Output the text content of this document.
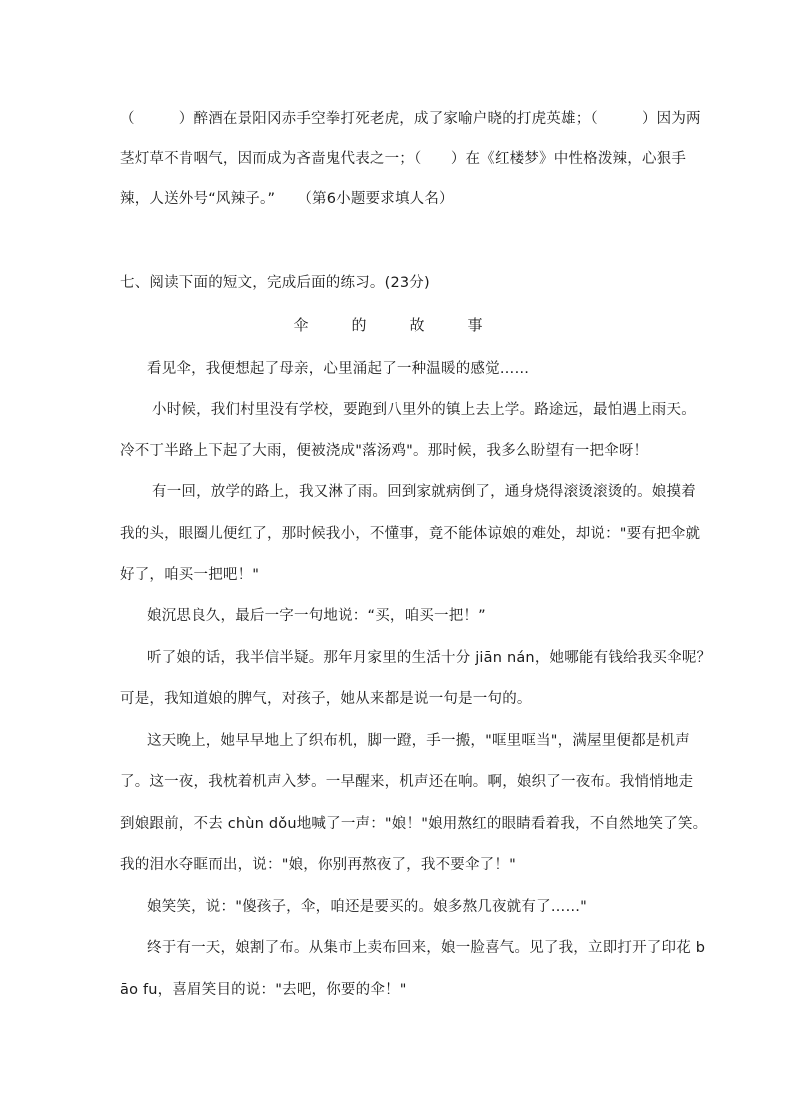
（　　　）醉酒在景阳冈赤手空拳打死老虎，成了家喻户晓的打虎英雄；（　　　）因为两
茎灯草不肯咽气，因而成为吝啬鬼代表之一；（　　）在《红楼梦》中性格泼辣，心狠手
辣，人送外号“风辣子。”　　（第6小题要求填人名）
七、阅读下面的短文，完成后面的练习。(23分)
伞　的　故　事
看见伞，我便想起了母亲，心里涌起了一种温暖的感觉……
小时候，我们村里没有学校，要跑到八里外的镇上去上学。路途远，最怕遇上雨天。
冷不丁半路上下起了大雨，便被浇成"落汤鸡"。那时候，我多么盼望有一把伞呀！
有一回，放学的路上，我又淋了雨。回到家就病倒了，通身烧得滚烫滚烫的。娘摸着
我的头，眼圈儿便红了，那时候我小，不懂事，竟不能体谅娘的难处，却说："要有把伞就
好了，咱买一把吧！"
娘沉思良久，最后一字一句地说：“买，咱买一把！”
听了娘的话，我半信半疑。那年月家里的生活十分 jiān nán，她哪能有钱给我买伞呢？
可是，我知道娘的脾气，对孩子，她从来都是说一句是一句的。
这天晚上，她早早地上了织布机，脚一蹬，手一搬，"哐里哐当"，满屋里便都是机声
了。这一夜，我枕着机声入梦。一早醒来，机声还在响。啊，娘织了一夜布。我悄悄地走
到娘跟前，不去 chùn dǒu地喊了一声："娘！"娘用熬红的眼睛看着我，不自然地笑了笑。
我的泪水夺眶而出，说："娘，你别再熬夜了，我不要伞了！"
娘笑笑，说："傻孩子，伞，咱还是要买的。娘多熬几夜就有了……"
终于有一天，娘割了布。从集市上卖布回来，娘一脸喜气。见了我，立即打开了印花 b
āo fu，喜眉笑目的说："去吧，你要的伞！"
